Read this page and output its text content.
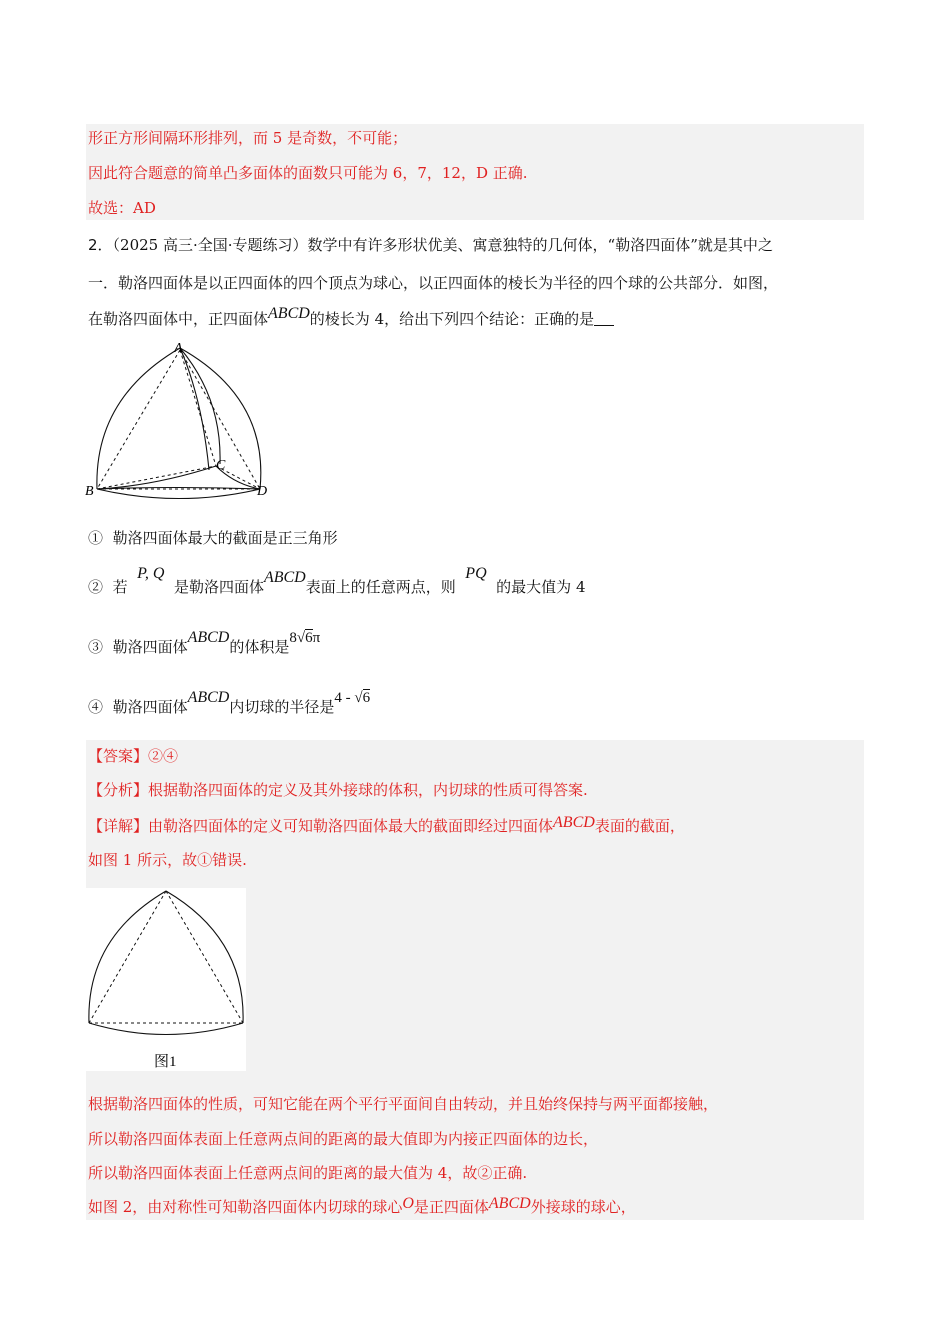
形正方形间隔环形排列，而 5 是奇数，不可能；
因此符合题意的简单凸多面体的面数只可能为 6，7，12，D 正确.
故选：AD
2．（2025 高三·全国·专题练习）数学中有许多形状优美、寓意独特的几何体，“勒洛四面体”就是其中之
一．勒洛四面体是以正四面体的四个顶点为球心，以正四面体的棱长为半径的四个球的公共部分．如图，
在勒洛四面体中，正四面体ABCD的棱长为 4，给出下列四个结论：正确的是
A
B
C
D
① 勒洛四面体最大的截面是正三角形
② 若  P, Q  是勒洛四面体ABCD表面上的任意两点，则  PQ  的最大值为 4
③ 勒洛四面体ABCD的体积是8√6π
④ 勒洛四面体ABCD内切球的半径是4 - √6
【答案】②④
【分析】根据勒洛四面体的定义及其外接球的体积，内切球的性质可得答案.
【详解】由勒洛四面体的定义可知勒洛四面体最大的截面即经过四面体ABCD表面的截面，
如图 1 所示，故①错误.
图1
根据勒洛四面体的性质，可知它能在两个平行平面间自由转动，并且始终保持与两平面都接触，
所以勒洛四面体表面上任意两点间的距离的最大值即为内接正四面体的边长，
所以勒洛四面体表面上任意两点间的距离的最大值为 4，故②正确.
如图 2，由对称性可知勒洛四面体内切球的球心O是正四面体ABCD外接球的球心，
